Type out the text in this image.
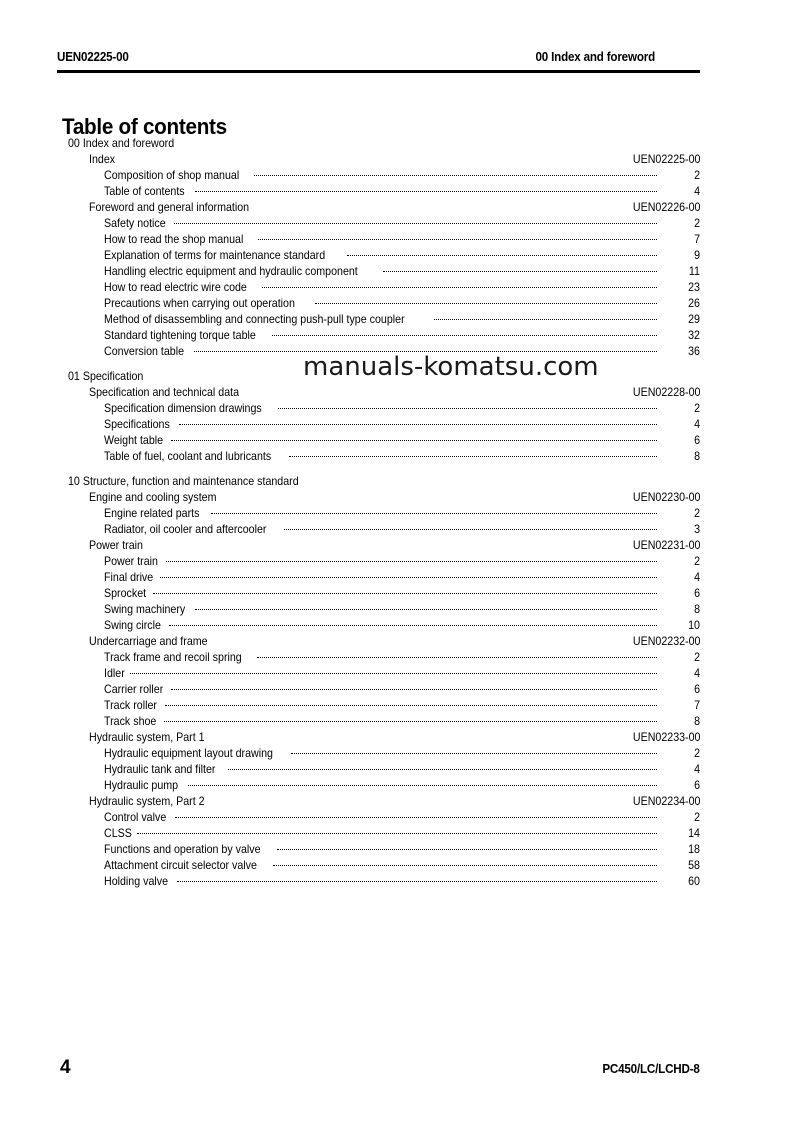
UEN02225-00	00 Index and foreword
Table of contents
00 Index and foreword
Index	UEN02225-00
Composition of shop manual	2
Table of contents	4
Foreword and general information	UEN02226-00
Safety notice	2
How to read the shop manual	7
Explanation of terms for maintenance standard	9
Handling electric equipment and hydraulic component	11
How to read electric wire code	23
Precautions when carrying out operation	26
Method of disassembling and connecting push-pull type coupler	29
Standard tightening torque table	32
Conversion table	36
01 Specification
Specification and technical data	UEN02228-00
Specification dimension drawings	2
Specifications	4
Weight table	6
Table of fuel, coolant and lubricants	8
10 Structure, function and maintenance standard
Engine and cooling system	UEN02230-00
Engine related parts	2
Radiator, oil cooler and aftercooler	3
Power train	UEN02231-00
Power train	2
Final drive	4
Sprocket	6
Swing machinery	8
Swing circle	10
Undercarriage and frame	UEN02232-00
Track frame and recoil spring	2
Idler	4
Carrier roller	6
Track roller	7
Track shoe	8
Hydraulic system, Part 1	UEN02233-00
Hydraulic equipment layout drawing	2
Hydraulic tank and filter	4
Hydraulic pump	6
Hydraulic system, Part 2	UEN02234-00
Control valve	2
CLSS	14
Functions and operation by valve	18
Attachment circuit selector valve	58
Holding valve	60
manuals-komatsu.com
4	PC450/LC/LCHD-8
